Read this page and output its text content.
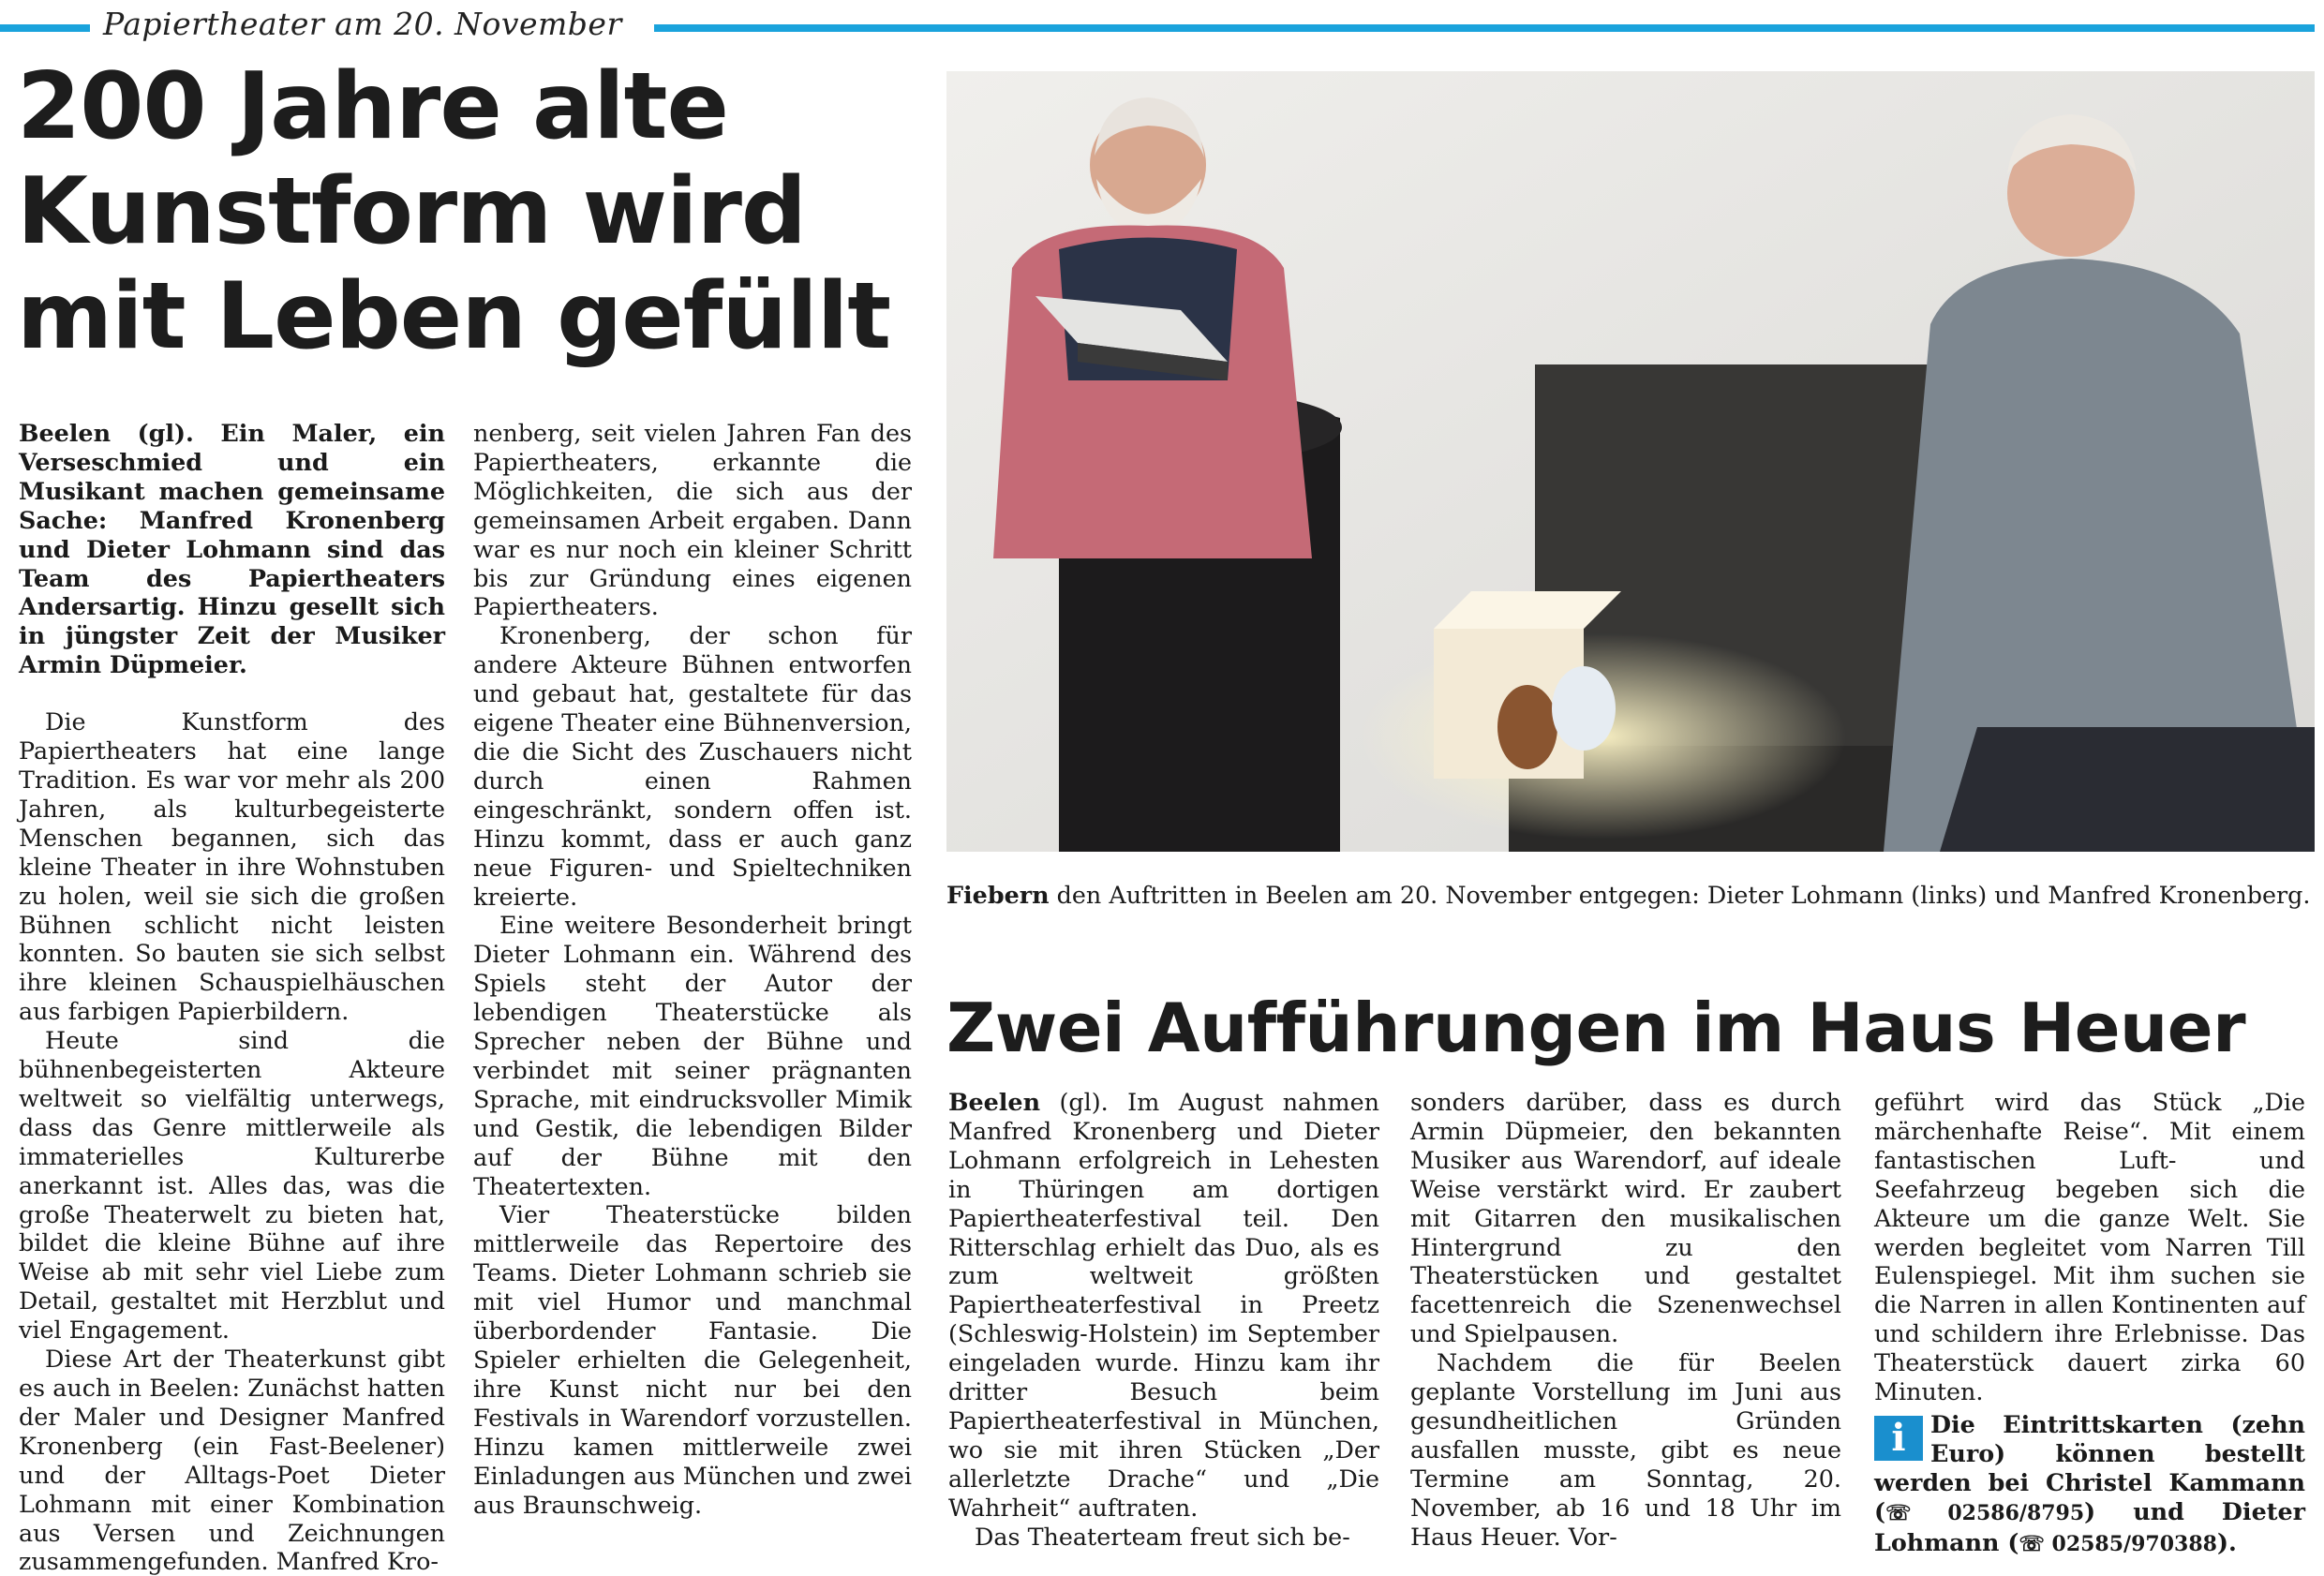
Papiertheater am 20. November
200 Jahre alte Kunstform wird mit Leben gefüllt

Beelen (gl). Ein Maler, ein Verseschmied und ein Musikant machen gemeinsame Sache: Manfred Kronenberg und Dieter Lohmann sind das Team des Papiertheaters Andersartig. Hinzu gesellt sich in jüngster Zeit der Musiker Armin Düpmeier.

Die Kunstform des Papiertheaters hat eine lange Tradition. Es war vor mehr als 200 Jahren, als kulturbegeisterte Menschen begannen, sich das kleine Theater in ihre Wohnstuben zu holen, weil sie sich die großen Bühnen schlicht nicht leisten konnten. So bauten sie sich selbst ihre kleinen Schauspielhäuschen aus farbigen Papierbildern.

Heute sind die bühnenbegeisterten Akteure weltweit so vielfältig unterwegs, dass das Genre mittlerweile als immaterielles Kulturerbe anerkannt ist. Alles das, was die große Theaterwelt zu bieten hat, bildet die kleine Bühne auf ihre Weise ab mit sehr viel Liebe zum Detail, gestaltet mit Herzblut und viel Engagement.

Diese Art der Theaterkunst gibt es auch in Beelen: Zunächst hatten der Maler und Designer Manfred Kronenberg (ein Fast-Beelener) und der Alltags-Poet Dieter Lohmann mit einer Kombination aus Versen und Zeichnungen zusammengefunden. Manfred Kro-

nenberg, seit vielen Jahren Fan des Papiertheaters, erkannte die Möglichkeiten, die sich aus der gemeinsamen Arbeit ergaben. Dann war es nur noch ein kleiner Schritt bis zur Gründung eines eigenen Papiertheaters.

Kronenberg, der schon für andere Akteure Bühnen entworfen und gebaut hat, gestaltete für das eigene Theater eine Bühnenversion, die die Sicht des Zuschauers nicht durch einen Rahmen eingeschränkt, sondern offen ist. Hinzu kommt, dass er auch ganz neue Figuren- und Spieltechniken kreierte.

Eine weitere Besonderheit bringt Dieter Lohmann ein. Während des Spiels steht der Autor der lebendigen Theaterstücke als Sprecher neben der Bühne und verbindet mit seiner prägnanten Sprache, mit eindrucksvoller Mimik und Gestik, die lebendigen Bilder auf der Bühne mit den Theatertexten.

Vier Theaterstücke bilden mittlerweile das Repertoire des Teams. Dieter Lohmann schrieb sie mit viel Humor und manchmal überbordender Fantasie. Die Spieler erhielten die Gelegenheit, ihre Kunst nicht nur bei den Festivals in Warendorf vorzustellen. Hinzu kamen mittlerweile zwei Einladungen aus München und zwei aus Braunschweig.

Fiebern den Auftritten in Beelen am 20. November entgegen: Dieter Lohmann (links) und Manfred Kronenberg.
Zwei Aufführungen im Haus Heuer

Beelen (gl). Im August nahmen Manfred Kronenberg und Dieter Lohmann erfolgreich in Lehesten in Thüringen am dortigen Papiertheaterfestival teil. Den Ritterschlag erhielt das Duo, als es zum weltweit größten Papiertheaterfestival in Preetz (Schleswig-Holstein) im September eingeladen wurde. Hinzu kam ihr dritter Besuch beim Papiertheaterfestival in München, wo sie mit ihren Stücken „Der allerletzte Drache“ und „Die Wahrheit“ auftraten.

Das Theaterteam freut sich be-

sonders darüber, dass es durch Armin Düpmeier, den bekannten Musiker aus Warendorf, auf ideale Weise verstärkt wird. Er zaubert mit Gitarren den musikalischen Hintergrund zu den Theaterstücken und gestaltet facettenreich die Szenenwechsel und Spielpausen.

Nachdem die für Beelen geplante Vorstellung im Juni aus gesundheitlichen Gründen ausfallen musste, gibt es neue Termine am Sonntag, 20. November, ab 16 und 18 Uhr im Haus Heuer. Vor-

geführt wird das Stück „Die märchenhafte Reise“. Mit einem fantastischen Luft- und Seefahrzeug begeben sich die Akteure um die ganze Welt. Sie werden begleitet vom Narren Till Eulenspiegel. Mit ihm suchen sie die Narren in allen Kontinenten auf und schildern ihre Erlebnisse. Das Theaterstück dauert zirka 60 Minuten.

i	Die Eintrittskarten (zehn Euro) können bestellt werden bei Christel Kammann (☏ 02586/8795) und Dieter Lohmann (☏ 02585/970388).
